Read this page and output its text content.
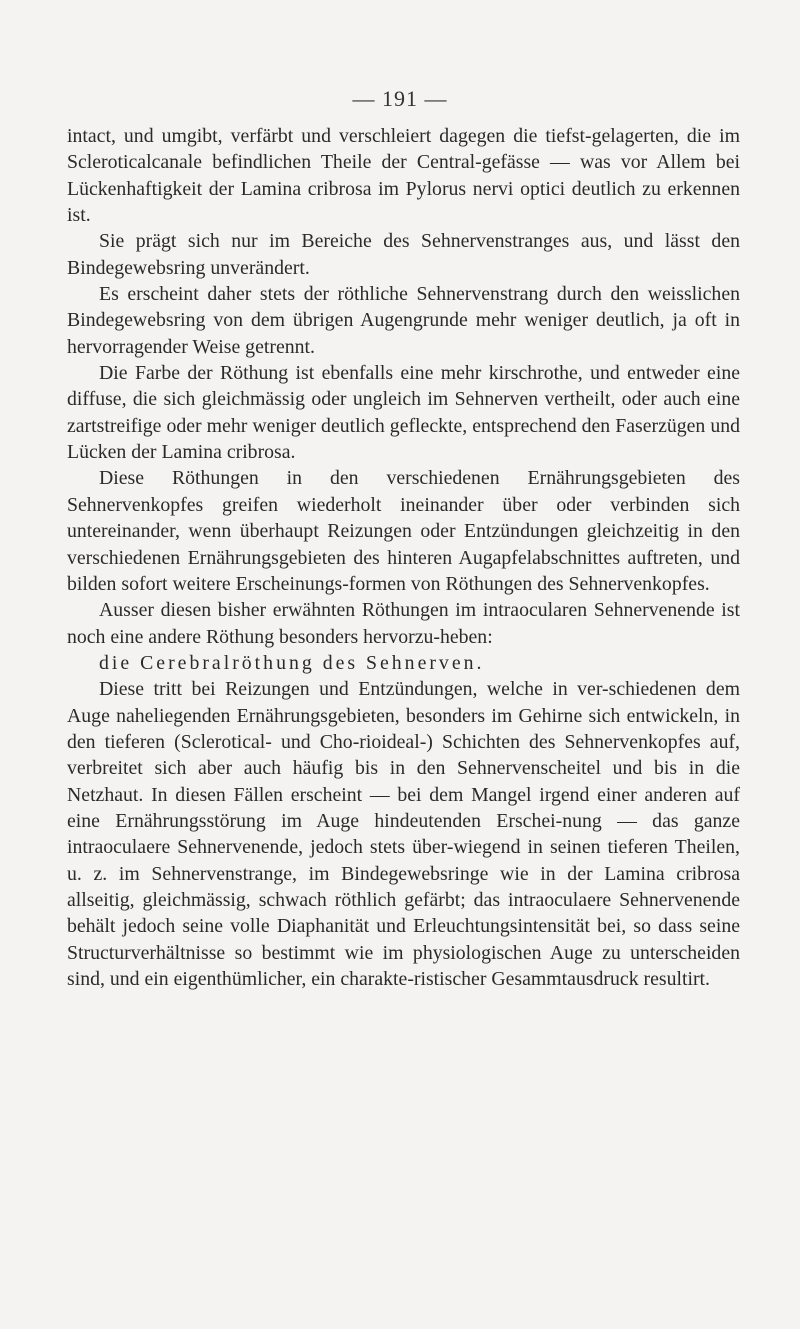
— 191 —

intact, und umgibt, verfärbt und verschleiert dagegen die tiefst-gelagerten, die im Scleroticalcanale befindlichen Theile der Central-gefässe — was vor Allem bei Lückenhaftigkeit der Lamina cribrosa im Pylorus nervi optici deutlich zu erkennen ist.

Sie prägt sich nur im Bereiche des Sehnervenstranges aus, und lässt den Bindegewebsring unverändert.

Es erscheint daher stets der röthliche Sehnervenstrang durch den weisslichen Bindegewebsring von dem übrigen Augengrunde mehr weniger deutlich, ja oft in hervorragender Weise getrennt.

Die Farbe der Röthung ist ebenfalls eine mehr kirschrothe, und entweder eine diffuse, die sich gleichmässig oder ungleich im Sehnerven vertheilt, oder auch eine zartstreifige oder mehr weniger deutlich gefleckte, entsprechend den Faserzügen und Lücken der Lamina cribrosa.

Diese Röthungen in den verschiedenen Ernährungsgebieten des Sehnervenkopfes greifen wiederholt ineinander über oder verbinden sich untereinander, wenn überhaupt Reizungen oder Entzündungen gleichzeitig in den verschiedenen Ernährungsgebieten des hinteren Augapfelabschnittes auftreten, und bilden sofort weitere Erscheinungs-formen von Röthungen des Sehnervenkopfes.

Ausser diesen bisher erwähnten Röthungen im intraocularen Sehnervenende ist noch eine andere Röthung besonders hervorzu-heben:

die Cerebralröthung des Sehnerven.

Diese tritt bei Reizungen und Entzündungen, welche in ver-schiedenen dem Auge naheliegenden Ernährungsgebieten, besonders im Gehirne sich entwickeln, in den tieferen (Sclerotical- und Cho-rioideal-) Schichten des Sehnervenkopfes auf, verbreitet sich aber auch häufig bis in den Sehnervenscheitel und bis in die Netzhaut. In diesen Fällen erscheint — bei dem Mangel irgend einer anderen auf eine Ernährungsstörung im Auge hindeutenden Erschei-nung — das ganze intraoculaere Sehnervenende, jedoch stets über-wiegend in seinen tieferen Theilen, u. z. im Sehnervenstrange, im Bindegewebsringe wie in der Lamina cribrosa allseitig, gleichmässig, schwach röthlich gefärbt; das intraoculaere Sehnervenende behält jedoch seine volle Diaphanität und Erleuchtungsintensität bei, so dass seine Structurverhältnisse so bestimmt wie im physiologischen Auge zu unterscheiden sind, und ein eigenthümlicher, ein charakte-ristischer Gesammtausdruck resultirt.
